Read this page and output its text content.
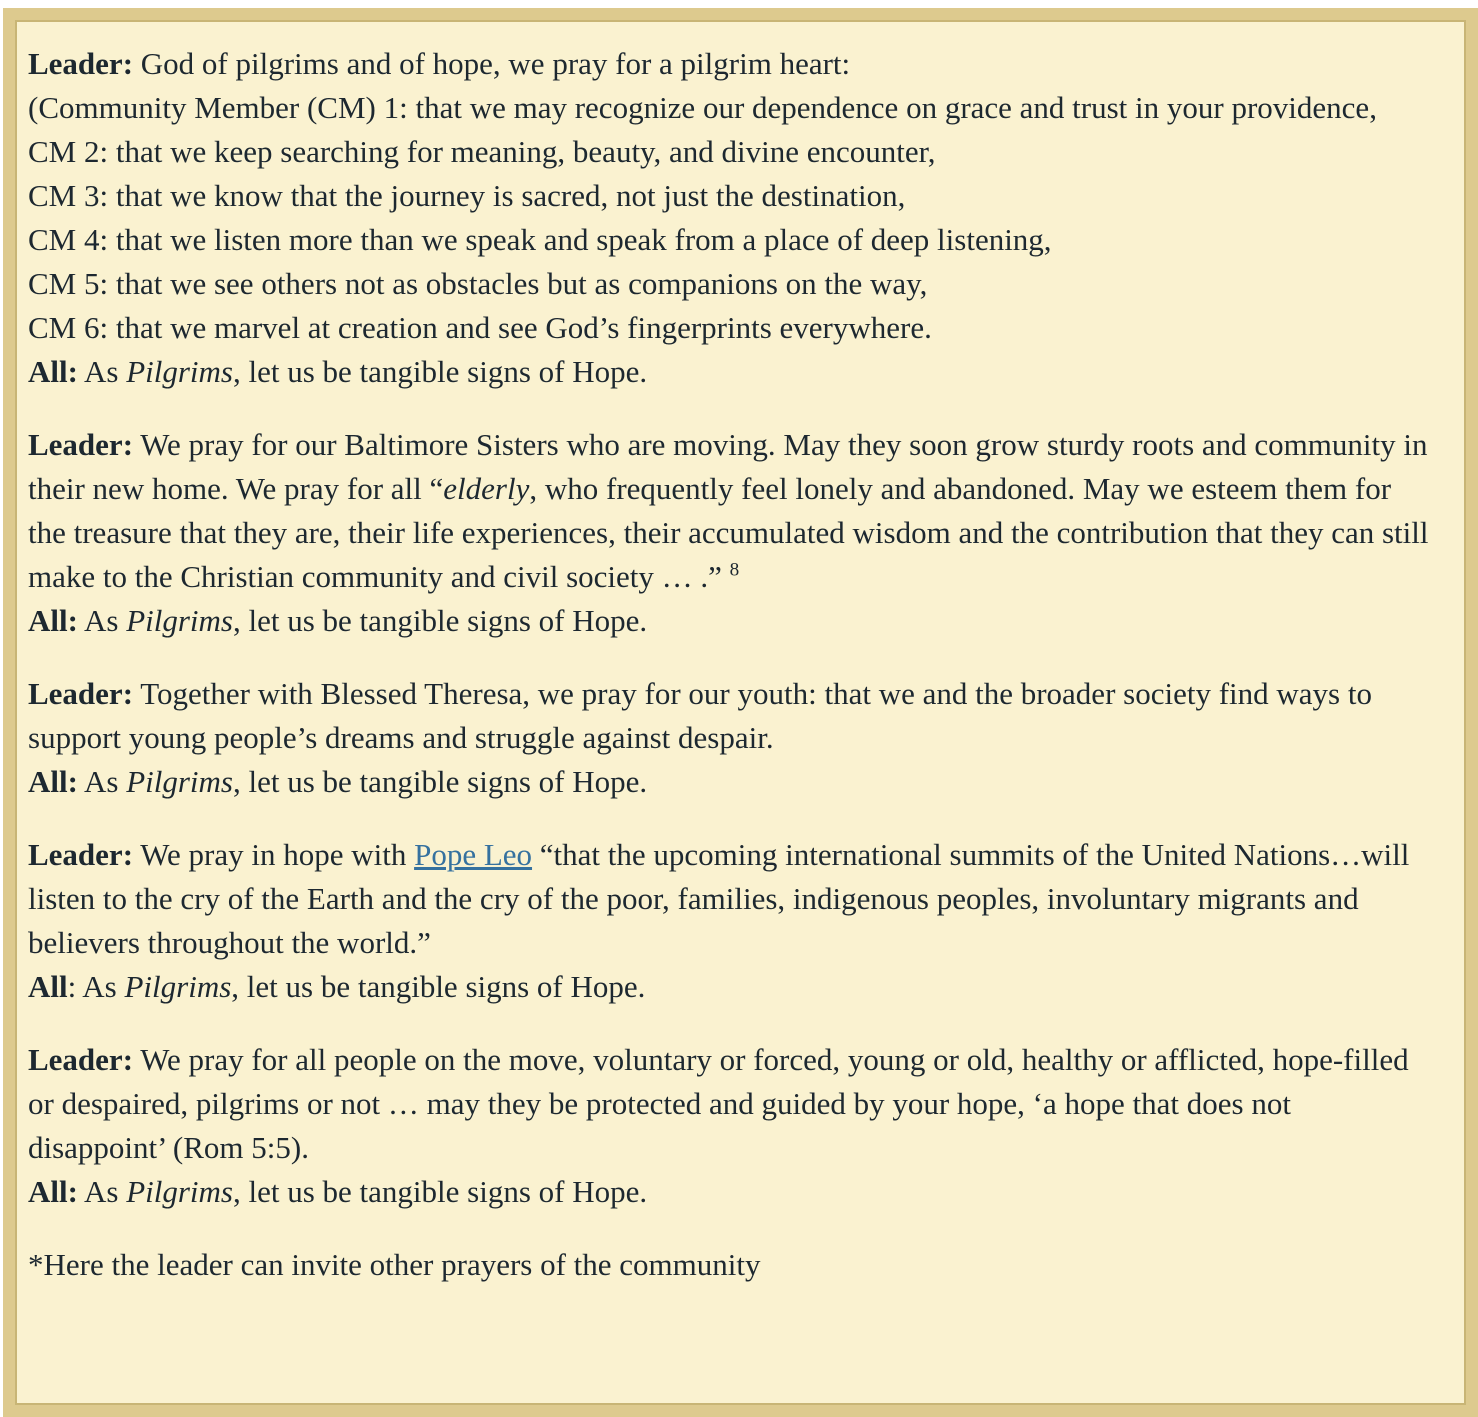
Leader: God of pilgrims and of hope, we pray for a pilgrim heart:
(Community Member (CM) 1: that we may recognize our dependence on grace and trust in your providence,
CM 2: that we keep searching for meaning, beauty, and divine encounter,
CM 3: that we know that the journey is sacred, not just the destination,
CM 4: that we listen more than we speak and speak from a place of deep listening,
CM 5: that we see others not as obstacles but as companions on the way,
CM 6: that we marvel at creation and see God’s fingerprints everywhere.
All: As Pilgrims, let us be tangible signs of Hope.

Leader: We pray for our Baltimore Sisters who are moving. May they soon grow sturdy roots and community in their new home. We pray for all “elderly, who frequently feel lonely and abandoned. May we esteem them for the treasure that they are, their life experiences, their accumulated wisdom and the contribution that they can still make to the Christian community and civil society … .” $^8$
All: As Pilgrims, let us be tangible signs of Hope.

Leader: Together with Blessed Theresa, we pray for our youth: that we and the broader society find ways to support young people’s dreams and struggle against despair.
All: As Pilgrims, let us be tangible signs of Hope.

Leader: We pray in hope with Pope Leo “that the upcoming international summits of the United Nations…will listen to the cry of the Earth and the cry of the poor, families, indigenous peoples, involuntary migrants and believers throughout the world.”
All: As Pilgrims, let us be tangible signs of Hope.

Leader: We pray for all people on the move, voluntary or forced, young or old, healthy or afflicted, hope-filled or despaired, pilgrims or not … may they be protected and guided by your hope, ‘a hope that does not disappoint’ (Rom 5:5).
All: As Pilgrims, let us be tangible signs of Hope.

*Here the leader can invite other prayers of the community
